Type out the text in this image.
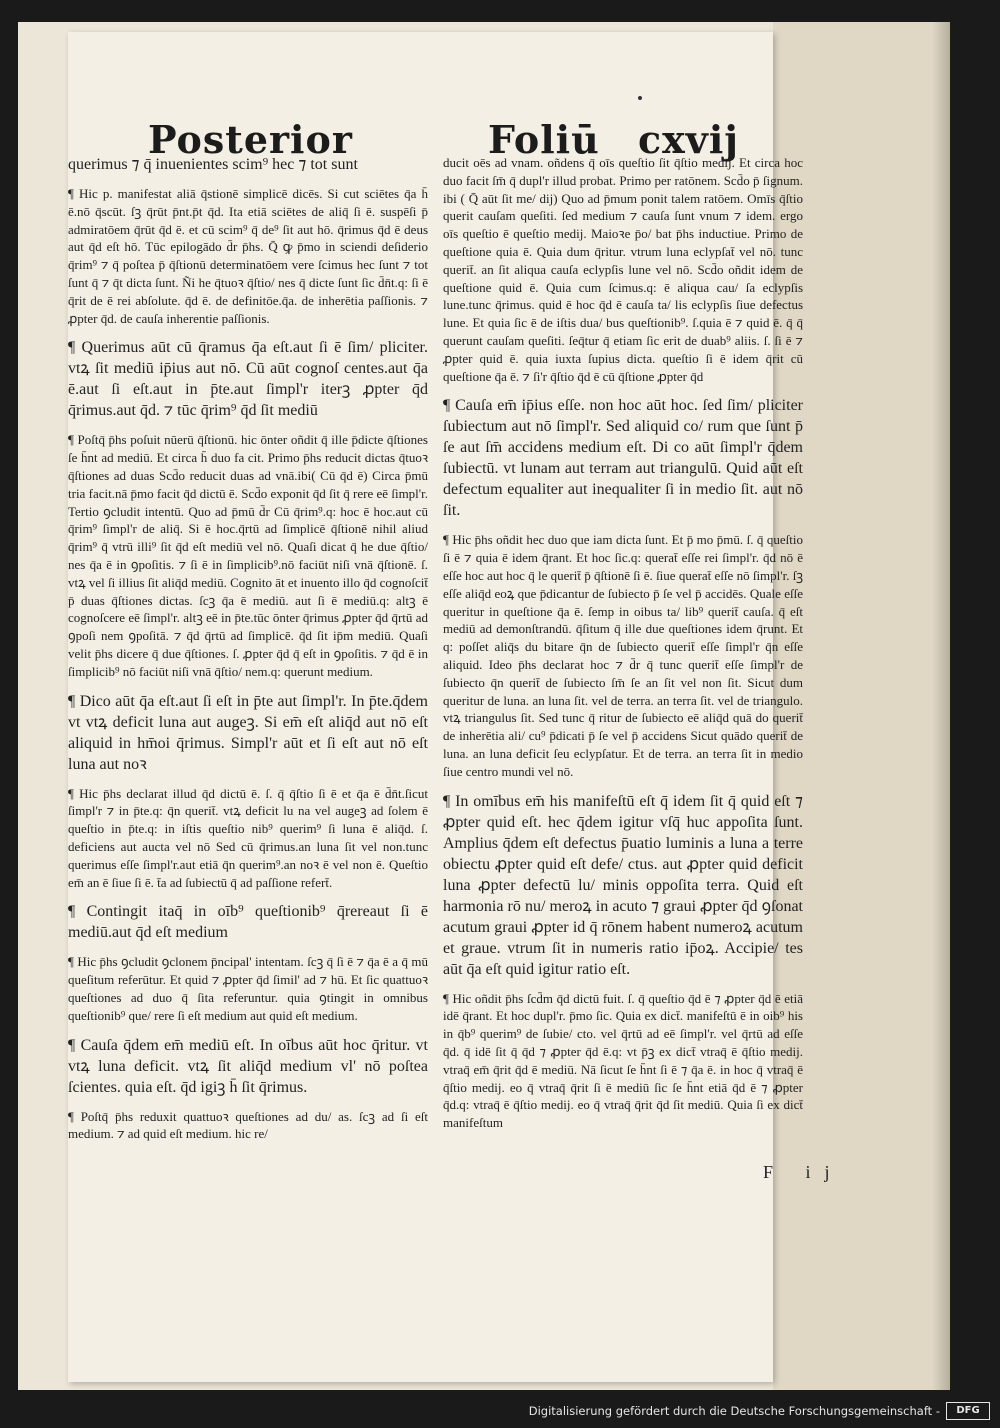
Posterior	Foliū cxvij

querimus ⁊ q̄ inuenientes scim⁹ hec ⁊ tot sunt

¶ Hic p. manifestat aliā q̄stionē simplicē dicēs. Si cut sciētes q̄a h̄ ē.nō q̄scūt. ſꝫ q̄rūt p̄nt.p̄t q̄d. Ita etiā sciētes de aliq̄ ſi ē. suspēſi p̄ admiratōem q̄rūt q̄d ē. et cū scim⁹ q̄ de⁹ ſit aut hō. q̄rimus q̄d ē deus aut q̄d eſt hō. Tūc epilogādo d̄r p̄hs. Q̄ ꝙ p̄mo in sciendi deſiderio q̄rim⁹ ⁊ q̄ poſtea p̄ q̄ſtionū determinatōem vere ſcimus hec ſunt ⁊ tot ſunt q̄ ⁊ q̄t dicta ſunt. Ñi he q̄tuoꝛ q̄ſtio/ nes q̄ dicte ſunt ſic d̄n̄t.q: ſi ē q̄rit de ē rei abſolute. q̄d ē. de definitōe.q̄a. de inherētia paſſionis. ⁊ ꝓpter q̄d. de cauſa inherentie paſſionis.

¶ Querimus aūt cū q̄ramus q̄a eſt.aut ſi ē ſim/ pliciter. vtꝝ ſit mediū ip̄ius aut nō. Cū aūt cognoſ centes.aut q̄a ē.aut ſi eſt.aut in p̄te.aut ſimpl'r iterꝫ ꝓpter q̄d q̄rimus.aut q̄d. ⁊ tūc q̄rim⁹ q̄d ſit mediū

¶ Poſtq̄ p̄hs poſuit nūerū q̄ſtionū. hic ōnter oñdit q̄ ille p̄dicte q̄ſtiones ſe h̄nt ad mediū. Et circa h̄ duo fa cit. Primo p̄hs reducit dictas q̄tuoꝛ q̄ſtiones ad duas Scd̄o reducit duas ad vnā.ibi( Cū q̄d ē) Circa p̄mū tria facit.nā p̄mo facit q̄d dictū ē. Scd̄o exponit q̄d ſit q̄ rere eē ſimpl'r. Tertio ꝯcludit intentū. Quo ad p̄mū d̄r Cū q̄rim⁹.q: hoc ē hoc.aut cū q̄rim⁹ ſimpl'r de aliq̄. Si ē hoc.q̄rtū ad ſimplicē q̄ſtionē nihil aliud q̄rim⁹ q̄ vtrū illi⁹ ſit q̄d eſt mediū vel nō. Quaſi dicat q̄ he due q̄ſtio/ nes q̄a ē in ꝯpoſitis. ⁊ ſi ē in ſimplicib⁹.nō faciūt niſi vnā q̄ſtionē. ſ. vtꝝ vel ſi illius ſit aliq̄d mediū. Cognito āt et inuento illo q̄d cognoſcit̄ p̄ duas q̄ſtiones dictas. ſcꝫ q̄a ē mediū. aut ſi ē mediū.q: altꝫ ē cognoſcere eē ſimpl'r. altꝫ eē in p̄te.tūc ōnter q̄rimus ꝓpter q̄d q̄rtū ad ꝯpoſi nem ꝯpoſitā. ⁊ q̄d q̄rtū ad ſimplicē. q̄d ſit ip̄m mediū. Quaſi velit p̄hs dicere q̄ due q̄ſtiones. ſ. ꝓpter q̄d q̄ eſt in ꝯpoſitis. ⁊ q̄d ē in ſimplicib⁹ nō faciūt niſi vnā q̄ſtio/ nem.q: querunt medium.

¶ Dico aūt q̄a eſt.aut ſi eſt in p̄te aut ſimpl'r. In p̄te.q̄dem vt vtꝝ deficit luna aut augeꝫ. Si em̄ eſt aliq̄d aut nō eſt aliquid in hm̄oi q̄rimus. Simpl'r aūt et ſi eſt aut nō eſt luna aut noꝛ

¶ Hic p̄hs declarat illud q̄d dictū ē. ſ. q̄ q̄ſtio ſi ē et q̄a ē d̄n̄t.ſicut ſimpl'r ⁊ in p̄te.q: q̄n querit̄. vtꝝ deficit lu na vel augeꝫ ad ſolem ē queſtio in p̄te.q: in iſtis queſtio nib⁹ querim⁹ ſi luna ē aliq̄d. ſ. deficiens aut aucta vel nō Sed cū q̄rimus.an luna ſit vel non.tunc querimus eſſe ſimpl'r.aut etiā q̄n querim⁹.an noꝛ ē vel non ē. Queſtio em̄ an ē ſiue ſi ē. t̄a ad ſubiectū q̄ ad paſſione refert̄.

¶ Contingit itaq̄ in oīb⁹ queſtionib⁹ q̄rereaut ſi ē mediū.aut q̄d eſt medium

¶ Hic p̄hs ꝯcludit ꝯclonem p̄ncipal' intentam. ſcꝫ q̄ ſi ē ⁊ q̄a ē a q̄ mū queſitum referūtur. Et quid ⁊ ꝓpter q̄d ſimil' ad ⁊ hū. Et ſic quattuoꝛ queſtiones ad duo q̄ ſita referuntur. quia ꝯtingit in omnibus queſtionib⁹ que/ rere ſi eſt medium aut quid eſt medium.

¶ Cauſa q̄dem em̄ mediū eſt. In oībus aūt hoc q̄ritur. vt vtꝝ luna deficit. vtꝝ ſit aliq̄d medium vl' nō poſtea ſcientes. quia eſt. q̄d igiꝫ h̄ ſit q̄rimus.

¶ Poſtq̄ p̄hs reduxit quattuoꝛ queſtiones ad du/ as. ſcꝫ ad ſi eſt medium. ⁊ ad quid eſt medium. hic re/

ducit oēs ad vnam. oñdens q̄ oīs queſtio ſit q̄ſtio medij. Et circa hoc duo facit ſm̄ q̄ dupl'r illud probat. Primo per ratōnem. Scd̄o p̄ ſignum. ibi ( Q̄ aūt ſit me/ dij) Quo ad p̄mum ponit talem ratōem. Omīs q̄ſtio querit cauſam queſiti. ſed medium ⁊ cauſa ſunt vnum ⁊ idem. ergo oīs queſtio ē queſtio medij. Maioꝛe p̄o/ bat p̄hs inductiue. Primo de queſtione quia ē. Quia dum q̄ritur. vtrum luna eclypſat̄ vel nō. tunc querit̄. an ſit aliqua cauſa eclypſis lune vel nō. Scd̄o oñdit idem de queſtione quid ē. Quia cum ſcimus.q: ē aliqua cau/ ſa eclypſis lune.tunc q̄rimus. quid ē hoc q̄d ē cauſa ta/ lis eclypſis ſiue defectus lune. Et quia ſic ē de iſtis dua/ bus queſtionib⁹. ſ.quia ē ⁊ quid ē. q̄ q̄ querunt cauſam queſiti. ſeq̄tur q̄ etiam ſic erit de duab⁹ aliis. ſ. ſi ē ⁊ ꝓpter quid ē. quia iuxta ſupius dicta. queſtio ſi ē idem q̄rit cū queſtione q̄a ē. ⁊ ſi'r q̄ſtio q̄d ē cū q̄ſtione ꝓpter q̄d

¶ Cauſa em̄ ip̄ius eſſe. non hoc aūt hoc. ſed ſim/ pliciter ſubiectum aut nō ſimpl'r. Sed aliquid co/ rum que ſunt p̄ ſe aut ſm̄ accidens medium eſt. Di co aūt ſimpl'r q̄dem ſubiectū. vt lunam aut terram aut triangulū. Quid aūt eſt defectum equaliter aut inequaliter ſi in medio ſit. aut nō ſit.

¶ Hic p̄hs oñdit hec duo que iam dicta ſunt. Et p̄ mo p̄mū. ſ. q̄ queſtio ſi ē ⁊ quia ē idem q̄rant. Et hoc ſic.q: querat̄ eſſe rei ſimpl'r. q̄d nō ē eſſe hoc aut hoc q̄ le querit̄ p̄ q̄ſtionē ſi ē. ſiue querat̄ eſſe nō ſimpl'r. ſꝫ eſſe aliq̄d eoꝝ que p̄dicantur de ſubiecto p̄ ſe vel p̄ accidēs. Quale eſſe queritur in queſtione q̄a ē. ſemp in oibus ta/ lib⁹ querit̄ cauſa. q̄ eſt mediū ad demonſtrandū. q̄ſitum q̄ ille due queſtiones idem q̄runt. Et q: poſſet aliq̄s du bitare q̄n de ſubiecto querit̄ eſſe ſimpl'r q̄n eſſe aliquid. Ideo p̄hs declarat hoc ⁊ d̄r q̄ tunc querit̄ eſſe ſimpl'r de ſubiecto q̄n querit̄ de ſubiecto ſm̄ ſe an ſit vel non ſit. Sicut dum queritur de luna. an luna ſit. vel de terra. an terra ſit. vel de triangulo. vtꝝ triangulus ſit. Sed tunc q̄ ritur de ſubiecto eē aliq̄d quā do querit̄ de inherētia ali/ cu⁹ p̄dicati p̄ ſe vel p̄ accidens Sicut quādo querit̄ de luna. an luna deficit ſeu eclypſatur. Et de terra. an terra ſit in medio ſiue centro mundi vel nō.

¶ In omībus em̄ his manifeſtū eſt q̄ idem ſit q̄ quid eſt ⁊ ꝓpter quid eſt. hec q̄dem igitur vſq̄ huc appoſita ſunt. Amplius q̄dem eſt defectus p̄uatio luminis a luna a terre obiectu ꝓpter quid eſt defe/ ctus. aut ꝓpter quid deficit luna ꝓpter defectū lu/ minis oppoſita terra. Quid eſt harmonia rō nu/ meroꝝ in acuto ⁊ graui ꝓpter q̄d ꝯſonat acutum graui ꝓpter id q̄ rōnem habent numeroꝝ acutum et graue. vtrum ſit in numeris ratio ip̄oꝝ. Accipie/ tes aūt q̄a eſt quid igitur ratio eſt.

¶ Hic oñdit p̄hs ſcd̄m q̄d dictū fuit. ſ. q̄ queſtio q̄d ē ⁊ ꝓpter q̄d ē etiā idē q̄rant. Et hoc dupl'r. p̄mo ſic. Quia ex dict̄. manifeſtū ē in oib⁹ his in q̄b⁹ querim⁹ de ſubie/ cto. vel q̄rtū ad eē ſimpl'r. vel q̄rtū ad eſſe q̄d. q̄ idē ſit q̄ q̄d ⁊ ꝓpter q̄d ē.q: vt p̄ꝫ ex dict̄ vtraq̄ ē q̄ſtio medij. vtraq̄ em̄ q̄rit q̄d ē mediū. Nā ſicut ſe h̄nt ſi ē ⁊ q̄a ē. in hoc q̄ vtraq̄ ē q̄ſtio medij. eo q̄ vtraq̄ q̄rit ſi ē mediū ſic ſe h̄nt etiā q̄d ē ⁊ ꝓpter q̄d.q: vtraq̄ ē q̄ſtio medij. eo q̄ vtraq̄ q̄rit q̄d ſit mediū. Quia ſi ex dict̄ manifeſtum

F ij
Digitalisierung gefördert durch die Deutsche Forschungsgemeinschaft -	DFG
